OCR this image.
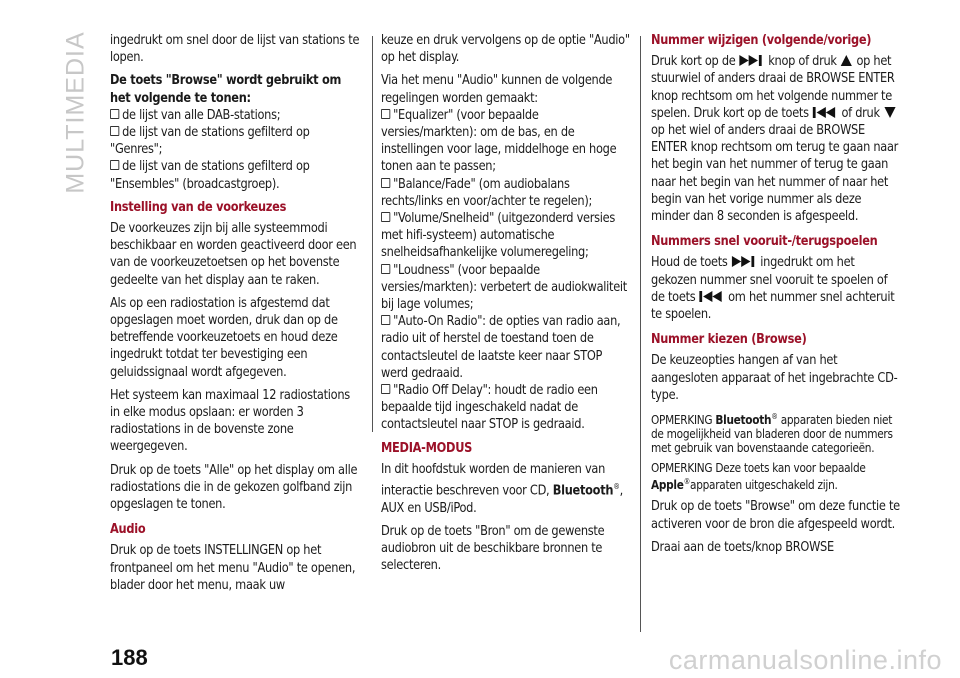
MULTIMEDIA ingedrukt om snel door de lijst van stations te lopen.

De toets "Browse" wordt gebruikt om het volgende te tonen:

de lijst van alle DAB-stations;
de lijst van de stations gefilterd op "Genres";
de lijst van de stations gefilterd op "Ensembles" (broadcastgroep).

Instelling van de voorkeuzes

De voorkeuzes zijn bij alle systeemmodi beschikbaar en worden geactiveerd door een van de voorkeuzetoetsen op het bovenste gedeelte van het display aan te raken.

Als op een radiostation is afgestemd dat opgeslagen moet worden, druk dan op de betreffende voorkeuzetoets en houd deze ingedrukt totdat ter bevestiging een geluidssignaal wordt afgegeven.

Het systeem kan maximaal 12 radiostations in elke modus opslaan: er worden 3 radiostations in de bovenste zone weergegeven.

Druk op de toets "Alle" op het display om alle radiostations die in de gekozen golfband zijn opgeslagen te tonen.

Audio

Druk op de toets INSTELLINGEN op het frontpaneel om het menu "Audio" te openen, blader door het menu, maak uw

keuze en druk vervolgens op de optie "Audio" op het display.

Via het menu "Audio" kunnen de volgende regelingen worden gemaakt:

"Equalizer" (voor bepaalde versies/markten): om de bas, en de instellingen voor lage, middelhoge en hoge tonen aan te passen;
"Balance/Fade" (om audiobalans rechts/links en voor/achter te regelen);
"Volume/Snelheid" (uitgezonderd versies met hifi-systeem) automatische snelheidsafhankelijke volumeregeling;
"Loudness" (voor bepaalde versies/markten): verbetert de audiokwaliteit bij lage volumes;
"Auto-On Radio": de opties van radio aan, radio uit of herstel de toestand toen de contactsleutel de laatste keer naar STOP werd gedraaid.
"Radio Off Delay": houdt de radio een bepaalde tijd ingeschakeld nadat de contactsleutel naar STOP is gedraaid.

MEDIA-MODUS

In dit hoofdstuk worden de manieren van interactie beschreven voor CD, Bluetooth®, AUX en USB/iPod.

Druk op de toets "Bron" om de gewenste audiobron uit de beschikbare bronnen te selecteren.

Nummer wijzigen (volgende/vorige)

Druk kort op de knop of druk op het stuurwiel of anders draai de BROWSE ENTER knop rechtsom om het volgende nummer te spelen. Druk kort op de toets of druk  op het wiel of anders draai de BROWSE ENTER knop rechtsom om terug te gaan naar het begin van het nummer of terug te gaan naar het begin van het nummer of naar het begin van het vorige nummer als deze minder dan 8 seconden is afgespeeld.

Nummers snel vooruit-/terugspoelen

Houd de toets ingedrukt om het gekozen nummer snel vooruit te spoelen of de toets om het nummer snel achteruit te spoelen.

Nummer kiezen (Browse)

De keuzeopties hangen af van het aangesloten apparaat of het ingebrachte CD-type.

OPMERKING Bluetooth® apparaten bieden niet de mogelijkheid van bladeren door de nummers met gebruik van bovenstaande categorieën.

OPMERKING Deze toets kan voor bepaalde Apple®apparaten uitgeschakeld zijn.

Druk op de toets "Browse" om deze functie te activeren voor de bron die afgespeeld wordt.

Draai aan de toets/knop BROWSE

188	carmanualsonline.info
